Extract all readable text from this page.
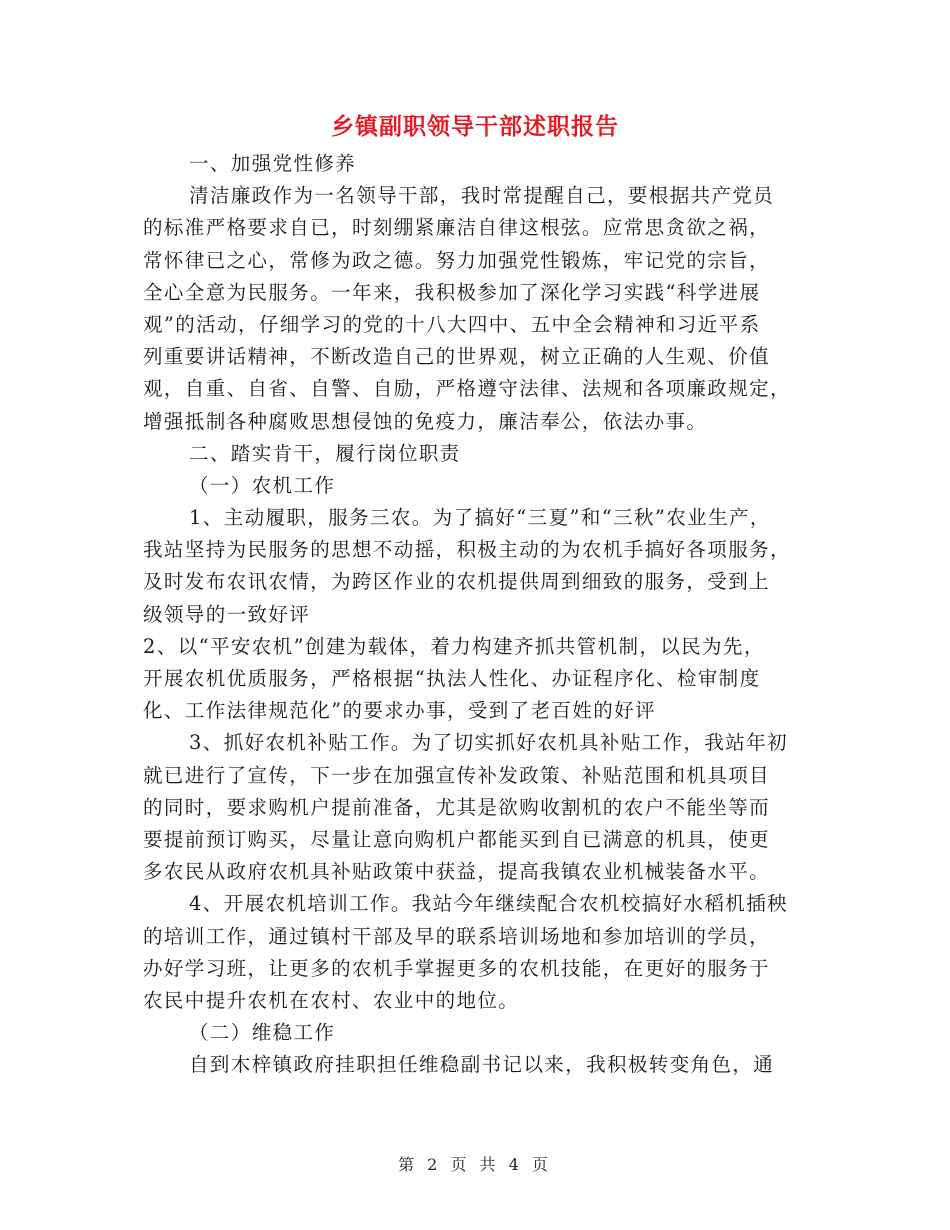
乡镇副职领导干部述职报告
一、加强党性修养
清洁廉政作为一名领导干部，我时常提醒自己，要根据共产党员
的标准严格要求自已，时刻绷紧廉洁自律这根弦。应常思贪欲之祸，
常怀律已之心，常修为政之德。努力加强党性锻炼，牢记党的宗旨，
全心全意为民服务。一年来，我积极参加了深化学习实践“科学进展
观”的活动，仔细学习的党的十八大四中、五中全会精神和习近平系
列重要讲话精神，不断改造自己的世界观，树立正确的人生观、价值
观，自重、自省、自警、自励，严格遵守法律、法规和各项廉政规定，
增强抵制各种腐败思想侵蚀的免疫力，廉洁奉公，依法办事。
二、踏实肯干，履行岗位职责
（一）农机工作
1、主动履职，服务三农。为了搞好“三夏”和“三秋”农业生产，
我站坚持为民服务的思想不动摇，积极主动的为农机手搞好各项服务，
及时发布农讯农情，为跨区作业的农机提供周到细致的服务，受到上
级领导的一致好评
2、以“平安农机”创建为载体，着力构建齐抓共管机制，以民为先，
开展农机优质服务，严格根据“执法人性化、办证程序化、检审制度
化、工作法律规范化”的要求办事，受到了老百姓的好评
3、抓好农机补贴工作。为了切实抓好农机具补贴工作，我站年初
就已进行了宣传，下一步在加强宣传补发政策、补贴范围和机具项目
的同时，要求购机户提前准备，尤其是欲购收割机的农户不能坐等而
要提前预订购买，尽量让意向购机户都能买到自已满意的机具，使更
多农民从政府农机具补贴政策中获益，提高我镇农业机械装备水平。
4、开展农机培训工作。我站今年继续配合农机校搞好水稻机插秧
的培训工作，通过镇村干部及早的联系培训场地和参加培训的学员，
办好学习班，让更多的农机手掌握更多的农机技能，在更好的服务于
农民中提升农机在农村、农业中的地位。
（二）维稳工作
自到木梓镇政府挂职担任维稳副书记以来，我积极转变角色，通
第 2 页 共 4 页
